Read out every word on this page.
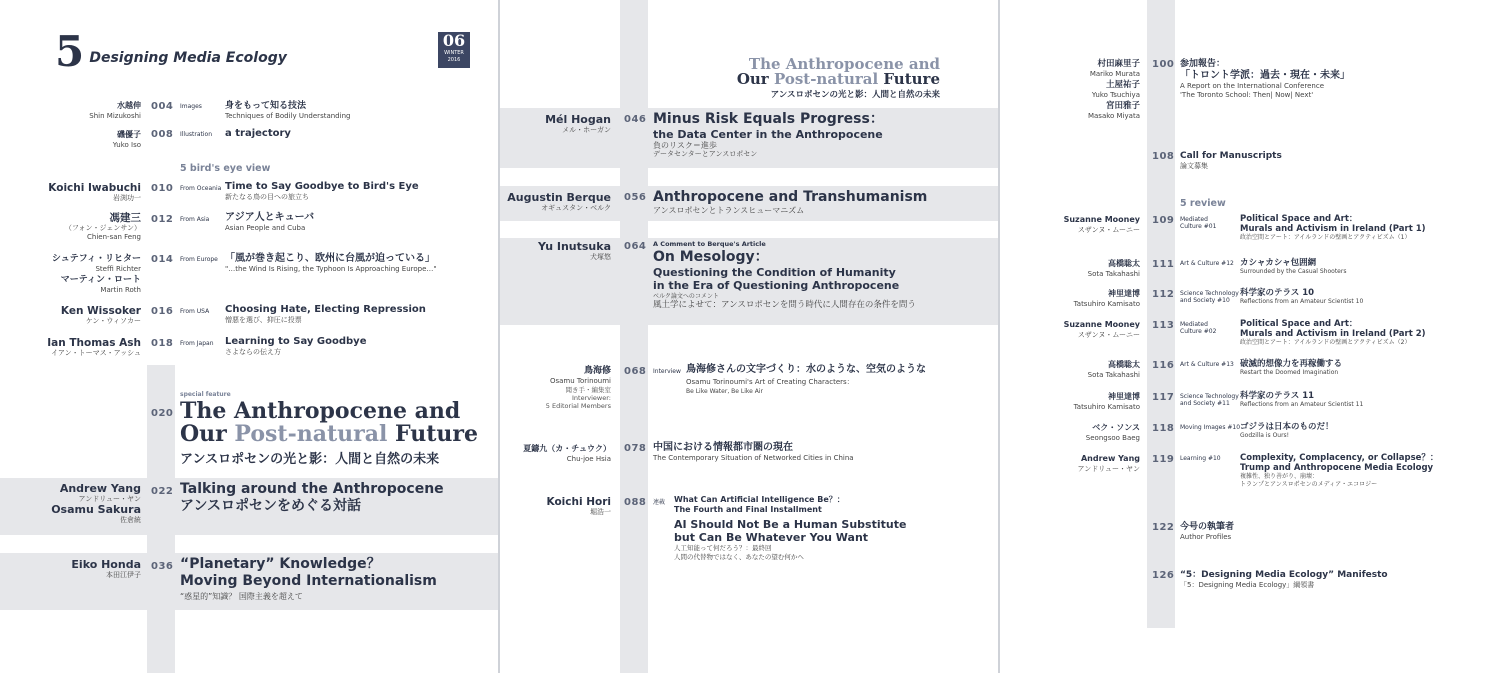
5 Designing Media Ecology
06
WINTER
2016
水越伸
Shin Mizukoshi
004 Images	身をもって知る技法
Techniques of Bodily Understanding
磯優子
Yuko Iso
008 Illustration a trajectory
5 bird's eye view
Koichi Iwabuchi
岩渕功一
010 From Oceania Time to Say Goodbye to Bird's Eye
新たなる鳥の目への旅立ち
馮建三
（フォン・ジェンサン）
Chien-san Feng
012 From Asia アジア人とキューバ
Asian People and Cuba
シュテフィ・リヒター
Steffi Richter
マーティン・ロート
Martin Roth
014 From Europe 「風が巻き起こり、欧州に台風が迫っている」
"…the Wind Is Rising, the Typhoon Is Approaching Europe…"
Ken Wissoker
ケン・ウィソカー
016 From USA Choosing Hate, Electing Repression
憎悪を選び、抑圧に投票
Ian Thomas Ash
イアン・トーマス・アッシュ
018 From Japan Learning to Say Goodbye
さよならの伝え方
020
special feature
The Anthropocene and
Our Post-natural Future
アンスロポセンの光と影：人間と自然の未来
Andrew Yang
アンドリュー・ヤン
Osamu Sakura
佐倉統
022 Talking around the Anthropocene
アンスロポセンをめぐる対話
Eiko Honda
本田江伊子
036 “Planetary” Knowledge？
Moving Beyond Internationalism
“惑星的”知識？ 国際主義を超えて
The Anthropocene and
Our Post-natural Future
アンスロポセンの光と影：人間と自然の未来
Mél Hogan
メル・ホーガン
046 Minus Risk Equals Progress：
the Data Center in the Anthropocene
負のリスク＝進歩
データセンターとアンスロポセン
Augustin Berque
オギュスタン・ベルク
056 Anthropocene and Transhumanism
アンスロポセンとトランスヒューマニズム
Yu Inutsuka
犬塚悠
064 A Comment to Berque's Article
On Mesology：
Questioning the Condition of Humanity
in the Era of Questioning Anthropocene
ベルク論文へのコメント
風土学によせて：アンスロポセンを問う時代に人間存在の条件を問う
鳥海修
Osamu Torinoumi
聞き手・編集室
Interviewer:
5 Editorial Members
068 Interview 鳥海修さんの文字づくり：水のような、空気のような
Osamu Torinoumi's Art of Creating Characters：
Be Like Water, Be Like Air
夏鑄九（カ・チュウク）
Chu-joe Hsia
078 中国における情報都市圏の現在
The Contemporary Situation of Networked Cities in China
Koichi Hori
堀浩一
088 連載 What Can Artificial Intelligence Be？：
The Fourth and Final Installment
AI Should Not Be a Human Substitute
but Can Be Whatever You Want
人工知能って何だろう？：最終回
人間の代替物ではなく、あなたの望む何かへ
村田麻里子
Mariko Murata
土屋祐子
Yuko Tsuchiya
宮田雅子
Masako Miyata
100 参加報告：
「トロント学派：過去・現在・未来」
A Report on the International Conference
'The Toronto School: Then| Now| Next'
108 Call for Manuscripts
論文募集
5 review
Suzanne Mooney
スザンヌ・ムーニー
109 Mediated
Culture #01
Political Space and Art：
Murals and Activism in Ireland (Part 1)
政治空間とアート：アイルランドの壁画とアクティビズム（1）
高橋聡太
Sota Takahashi
111 Art & Culture #12 カシャカシャ包囲網
Surrounded by the Casual Shooters
神里達博
Tatsuhiro Kamisato
112 Science Technology
and Society #10
科学家のテラス 10
Reflections from an Amateur Scientist 10
Suzanne Mooney
スザンヌ・ムーニー
113 Mediated
Culture #02
Political Space and Art：
Murals and Activism in Ireland (Part 2)
政治空間とアート：アイルランドの壁画とアクティビズム（2）
高橋聡太
Sota Takahashi
116 Art & Culture #13 破滅的想像力を再稼働する
Restart the Doomed Imagination
神里達博
Tatsuhiro Kamisato
117 Science Technology
and Society #11
科学家のテラス 11
Reflections from an Amateur Scientist 11
ベク・ソンス
Seongsoo Baeg
118 Moving Images #10 ゴジラは日本のものだ！
Godzilla is Ours!
Andrew Yang
アンドリュー・ヤン
119 Learning #10 Complexity, Complacency, or Collapse？：
Trump and Anthropocene Media Ecology
複雑性、独り善がり、崩壊：
トランプとアンスロポセンのメディア・エコロジー
122 今号の執筆者
Author Profiles
126 “5：Designing Media Ecology” Manifesto
「5：Designing Media Ecology」綱領書
